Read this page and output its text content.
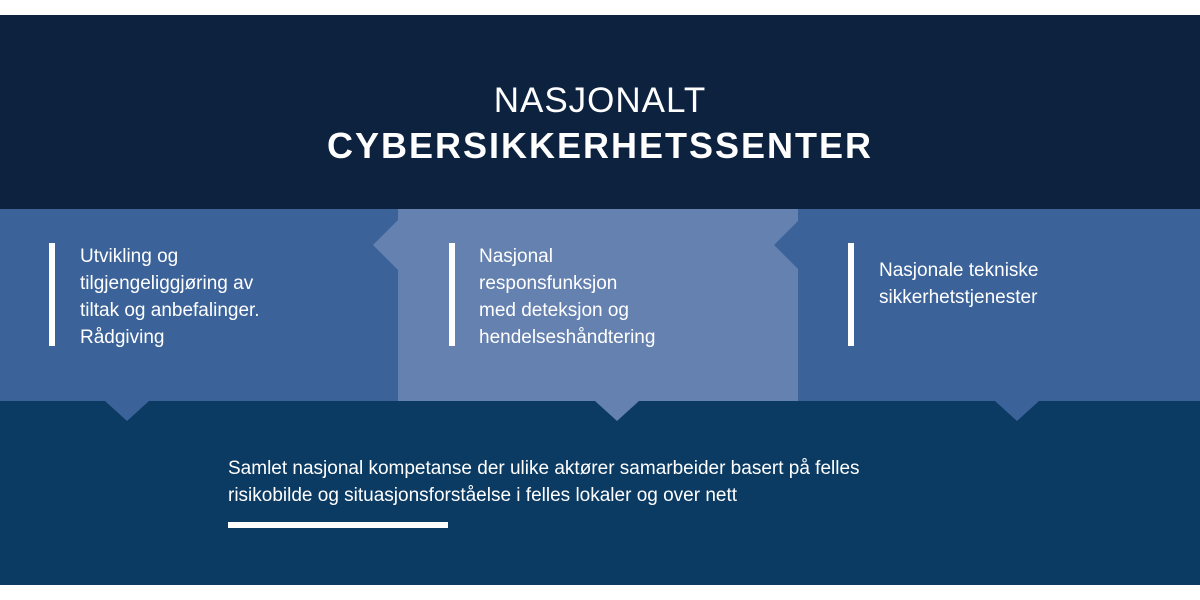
NASJONALT
CYBERSIKKERHETSSENTER
Utvikling og
tilgjengeliggjøring av
tiltak og anbefalinger.
Rådgiving
Nasjonal
responsfunksjon
med deteksjon og
hendelseshåndtering
Nasjonale tekniske
sikkerhetstjenester
Samlet nasjonal kompetanse der ulike aktører samarbeider basert på felles
risikobilde og situasjonsforståelse i felles lokaler og over nett
